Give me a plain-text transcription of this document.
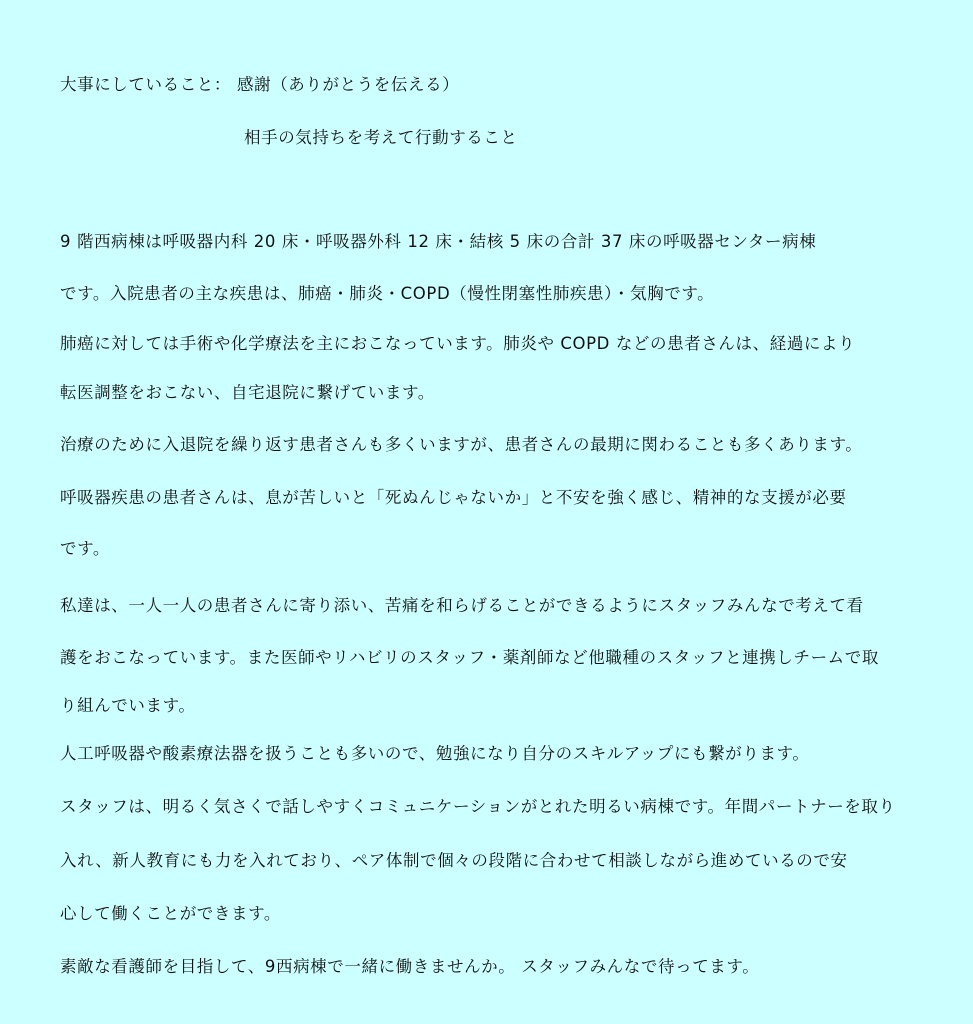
大事にしていること： 感謝（ありがとうを伝える）
相手の気持ちを考えて行動すること
9 階西病棟は呼吸器内科 20 床・呼吸器外科 12 床・結核 5 床の合計 37 床の呼吸器センター病棟
です。入院患者の主な疾患は、肺癌・肺炎・COPD（慢性閉塞性肺疾患）・気胸です。
肺癌に対しては手術や化学療法を主におこなっています。肺炎や COPD などの患者さんは、経過により
転医調整をおこない、自宅退院に繋げています。
治療のために入退院を繰り返す患者さんも多くいますが、患者さんの最期に関わることも多くあります。
呼吸器疾患の患者さんは、息が苦しいと「死ぬんじゃないか」と不安を強く感じ、精神的な支援が必要
です。
私達は、一人一人の患者さんに寄り添い、苦痛を和らげることができるようにスタッフみんなで考えて看
護をおこなっています。また医師やリハビリのスタッフ・薬剤師など他職種のスタッフと連携しチームで取
り組んでいます。
人工呼吸器や酸素療法器を扱うことも多いので、勉強になり自分のスキルアップにも繋がります。
スタッフは、明るく気さくで話しやすくコミュニケーションがとれた明るい病棟です。年間パートナーを取り
入れ、新人教育にも力を入れており、ペア体制で個々の段階に合わせて相談しながら進めているので安
心して働くことができます。
素敵な看護師を目指して、9西病棟で一緒に働きませんか。 スタッフみんなで待ってます。
